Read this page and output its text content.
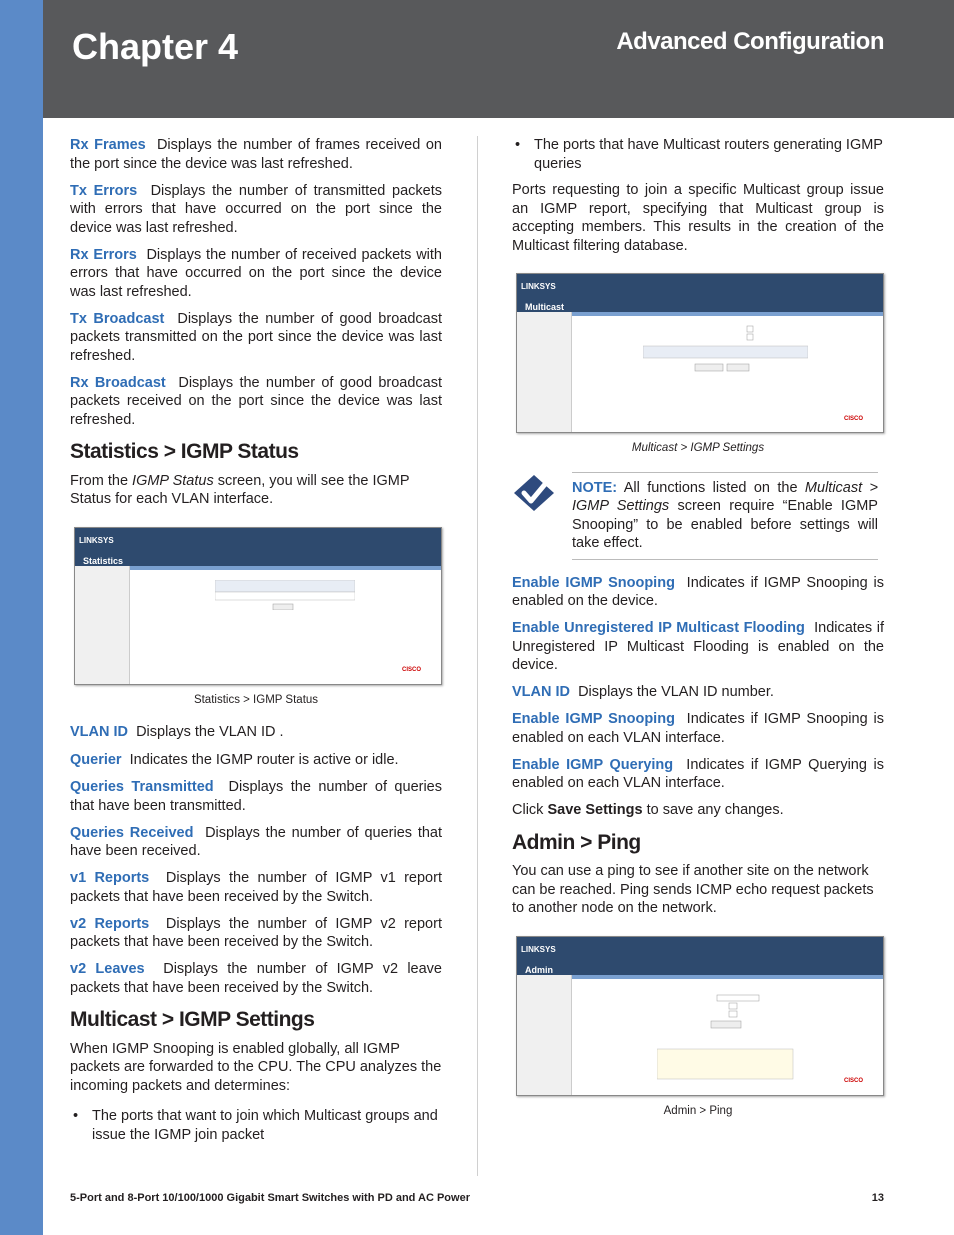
Chapter 4	Advanced Configuration

Rx Frames Displays the number of frames received on the port since the device was last refreshed.

Tx Errors Displays the number of transmitted packets with errors that have occurred on the port since the device was last refreshed.

Rx Errors Displays the number of received packets with errors that have occurred on the port since the device was last refreshed.

Tx Broadcast Displays the number of good broadcast packets transmitted on the port since the device was last refreshed.

Rx Broadcast Displays the number of good broadcast packets received on the port since the device was last refreshed.

Statistics > IGMP Status

From the IGMP Status screen, you will see the IGMP Status for each VLAN interface.

LINKSYS
Statistics
CISCO
Statistics > IGMP Status

VLAN ID Displays the VLAN ID .

Querier Indicates the IGMP router is active or idle.

Queries Transmitted Displays the number of queries that have been transmitted.

Queries Received Displays the number of queries that have been received.

v1 Reports Displays the number of IGMP v1 report packets that have been received by the Switch.

v2 Reports Displays the number of IGMP v2 report packets that have been received by the Switch.

v2 Leaves Displays the number of IGMP v2 leave packets that have been received by the Switch.

Multicast > IGMP Settings

When IGMP Snooping is enabled globally, all IGMP packets are forwarded to the CPU. The CPU analyzes the incoming packets and determines:

• The ports that want to join which Multicast groups and issue the IGMP join packet
• The ports that have Multicast routers generating IGMP queries

Ports requesting to join a specific Multicast group issue an IGMP report, specifying that Multicast group is accepting members. This results in the creation of the Multicast filtering database.

LINKSYS
Multicast
CISCO
Multicast > IGMP Settings

NOTE: All functions listed on the Multicast > IGMP Settings screen require “Enable IGMP Snooping” to be enabled before settings will take effect.

Enable IGMP Snooping Indicates if IGMP Snooping is enabled on the device.

Enable Unregistered IP Multicast Flooding Indicates if Unregistered IP Multicast Flooding is enabled on the device.

VLAN ID Displays the VLAN ID number.

Enable IGMP Snooping Indicates if IGMP Snooping is enabled on each VLAN interface.

Enable IGMP Querying Indicates if IGMP Querying is enabled on each VLAN interface.

Click Save Settings to save any changes.

Admin > Ping

You can use a ping to see if another site on the network can be reached. Ping sends ICMP echo request packets to another node on the network.

LINKSYS
Admin
CISCO
Admin > Ping
5-Port and 8-Port 10/100/1000 Gigabit Smart Switches with PD and AC Power	13
